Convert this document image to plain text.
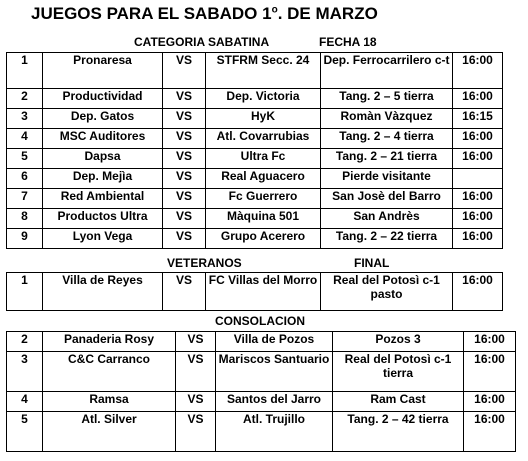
JUEGOS PARA EL SABADO 1$^o$. DE MARZO
CATEGORIA SABATINA	FECHA 18
1	Pronaresa	VS	STFRM Secc. 24	Dep. Ferrocarrilero c-t	16:00
2	Productividad	VS	Dep. Victoria	Tang. 2 – 5 tierra	16:00
3	Dep. Gatos	VS	HyK	Romàn Vàzquez	16:15
4	MSC Auditores	VS	Atl. Covarrubias	Tang. 2 – 4 tierra	16:00
5	Dapsa	VS	Ultra Fc	Tang. 2 – 21 tierra	16:00
6	Dep. Mejìa	VS	Real Aguacero	Pierde visitante	
7	Red Ambiental	VS	Fc Guerrero	San Josè del Barro	16:00
8	Productos Ultra	VS	Màquina 501	San Andrès	16:00
9	Lyon Vega	VS	Grupo Acerero	Tang. 2 – 22 tierra	16:00
VETERANOS	FINAL
1	Villa de Reyes	VS	FC Villas del Morro	Real del Potosì c-1 pasto	16:00
CONSOLACION
2	Panaderia Rosy	VS	Villa de Pozos	Pozos 3	16:00
3	C&C Carranco	VS	Mariscos Santuario	Real del Potosì c-1 tierra	16:00
4	Ramsa	VS	Santos del Jarro	Ram Cast	16:00
5	Atl. Silver	VS	Atl. Trujillo	Tang. 2 – 42 tierra	16:00
